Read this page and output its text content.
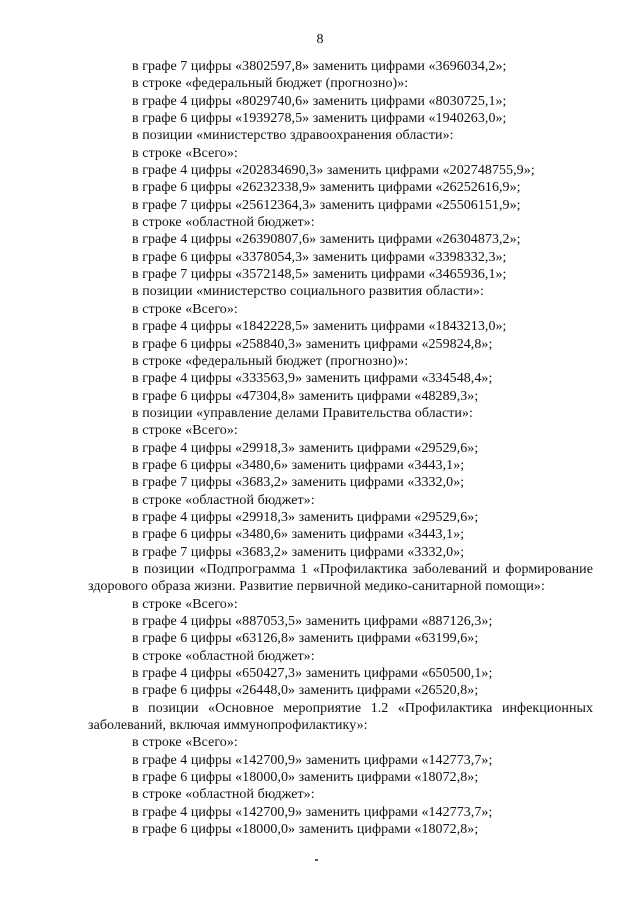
8
в графе 7 цифры «3802597,8» заменить цифрами «3696034,2»;
в строке «федеральный бюджет (прогнозно)»:
в графе 4 цифры «8029740,6» заменить цифрами «8030725,1»;
в графе 6 цифры «1939278,5» заменить цифрами «1940263,0»;
в позиции «министерство здравоохранения области»:
в строке «Всего»:
в графе 4 цифры «202834690,3» заменить цифрами «202748755,9»;
в графе 6 цифры «26232338,9» заменить цифрами «26252616,9»;
в графе 7 цифры «25612364,3» заменить цифрами «25506151,9»;
в строке «областной бюджет»:
в графе 4 цифры «26390807,6» заменить цифрами «26304873,2»;
в графе 6 цифры «3378054,3» заменить цифрами «3398332,3»;
в графе 7 цифры «3572148,5» заменить цифрами «3465936,1»;
в позиции «министерство социального развития области»:
в строке «Всего»:
в графе 4 цифры «1842228,5» заменить цифрами «1843213,0»;
в графе 6 цифры «258840,3» заменить цифрами «259824,8»;
в строке «федеральный бюджет (прогнозно)»:
в графе 4 цифры «333563,9» заменить цифрами «334548,4»;
в графе 6 цифры «47304,8» заменить цифрами «48289,3»;
в позиции «управление делами Правительства области»:
в строке «Всего»:
в графе 4 цифры «29918,3» заменить цифрами «29529,6»;
в графе 6 цифры «3480,6» заменить цифрами «3443,1»;
в графе 7 цифры «3683,2» заменить цифрами «3332,0»;
в строке «областной бюджет»:
в графе 4 цифры «29918,3» заменить цифрами «29529,6»;
в графе 6 цифры «3480,6» заменить цифрами «3443,1»;
в графе 7 цифры «3683,2» заменить цифрами «3332,0»;
в позиции «Подпрограмма 1 «Профилактика заболеваний и формирование
здорового образа жизни. Развитие первичной медико-санитарной помощи»:
в строке «Всего»:
в графе 4 цифры «887053,5» заменить цифрами «887126,3»;
в графе 6 цифры «63126,8» заменить цифрами «63199,6»;
в строке «областной бюджет»:
в графе 4 цифры «650427,3» заменить цифрами «650500,1»;
в графе 6 цифры «26448,0» заменить цифрами «26520,8»;
в позиции «Основное мероприятие 1.2 «Профилактика инфекционных
заболеваний, включая иммунопрофилактику»:
в строке «Всего»:
в графе 4 цифры «142700,9» заменить цифрами «142773,7»;
в графе 6 цифры «18000,0» заменить цифрами «18072,8»;
в строке «областной бюджет»:
в графе 4 цифры «142700,9» заменить цифрами «142773,7»;
в графе 6 цифры «18000,0» заменить цифрами «18072,8»;
